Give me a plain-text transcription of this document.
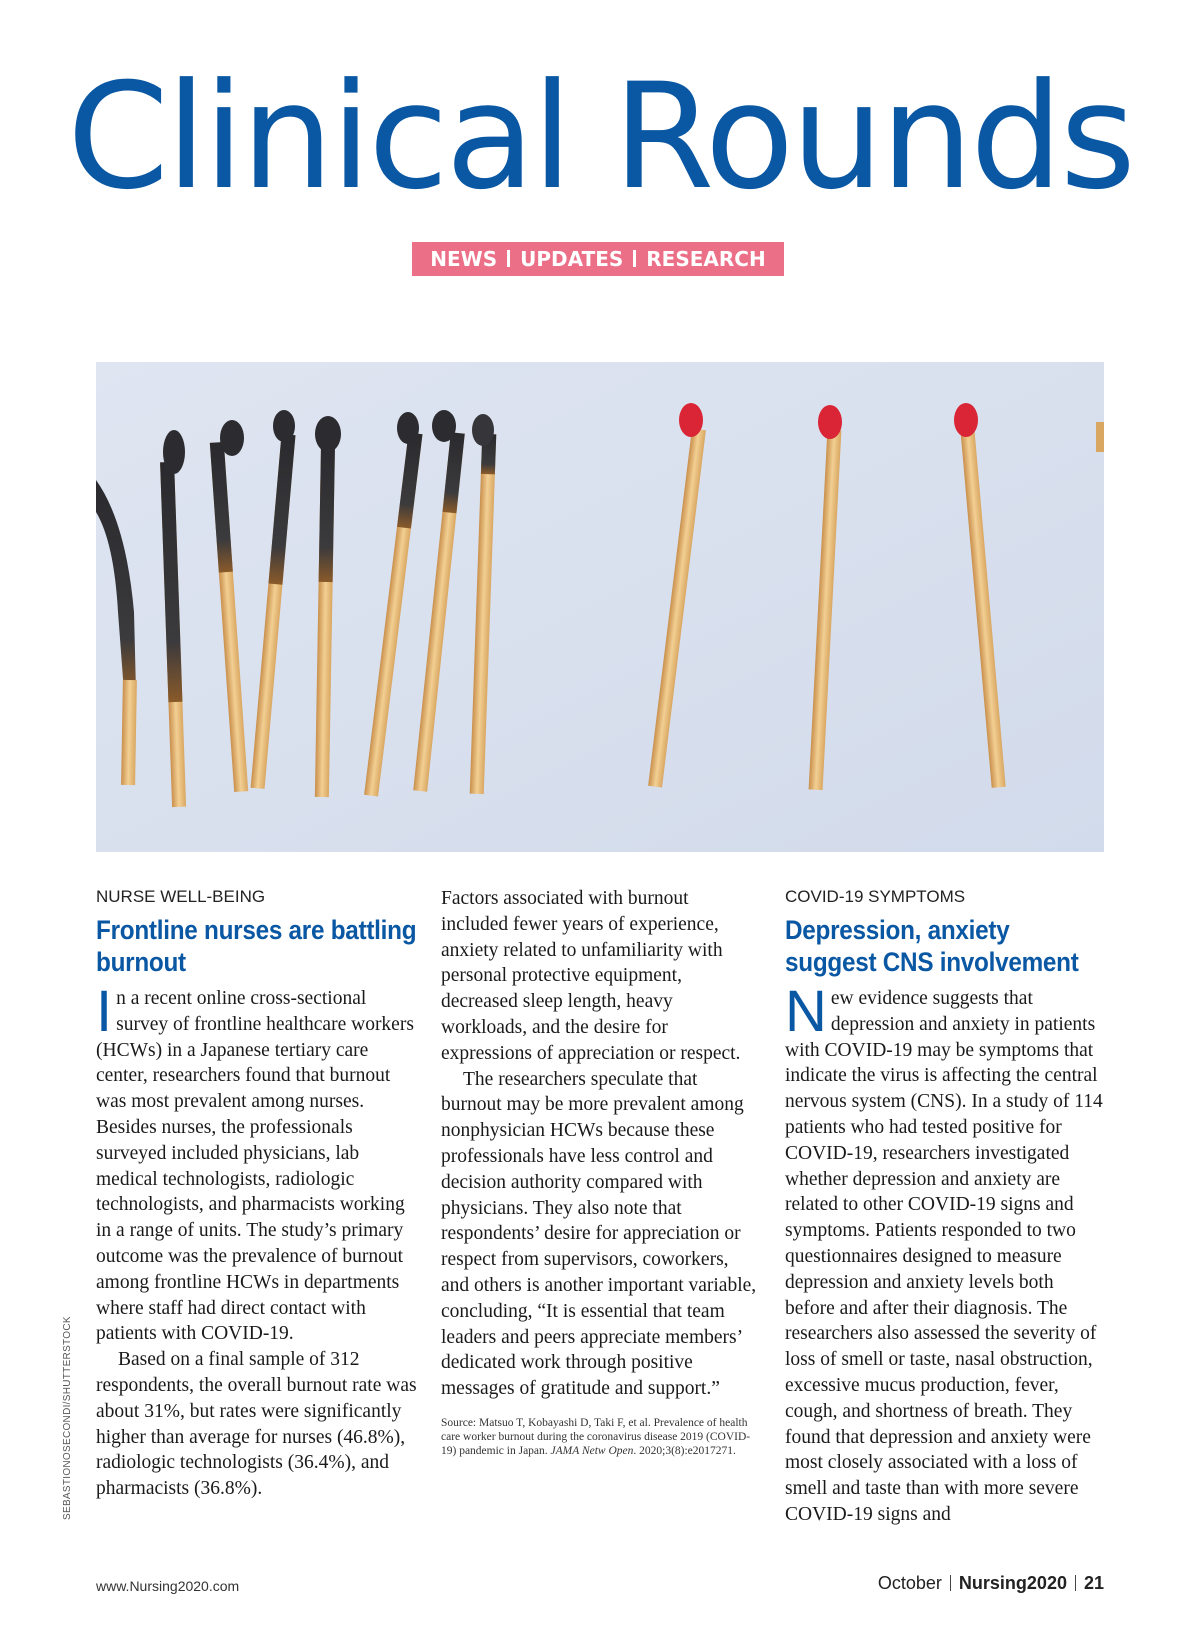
Clinical Rounds
NEWS UPDATES RESEARCH
SEBASTIONOSECONDI/SHUTTERSTOCK
NURSE WELL-BEING
Frontline nurses are battling burnout

In a recent online cross-sectional survey of frontline healthcare workers (HCWs) in a Japanese tertiary care center, researchers found that burnout was most prevalent among nurses. Besides nurses, the professionals surveyed included physicians, lab medical technologists, radiologic technologists, and pharmacists working in a range of units. The study’s primary outcome was the prevalence of burnout among frontline HCWs in departments where staff had direct contact with patients with COVID-19.

Based on a final sample of 312 respondents, the overall burnout rate was about 31%, but rates were significantly higher than average for nurses (46.8%), radiologic technologists (36.4%), and pharmacists (36.8%).

Factors associated with burnout included fewer years of experience, anxiety related to unfamiliarity with personal protective equipment, decreased sleep length, heavy workloads, and the desire for expressions of appreciation or respect.

The researchers speculate that burnout may be more prevalent among nonphysician HCWs because these professionals have less control and decision authority compared with physicians. They also note that respondents’ desire for appreciation or respect from supervisors, coworkers, and others is another important variable, concluding, “It is essential that team leaders and peers appreciate members’ dedicated work through positive messages of gratitude and support.”

Source: Matsuo T, Kobayashi D, Taki F, et al. Prevalence of health care worker burnout during the coronavirus disease 2019 (COVID-19) pandemic in Japan. JAMA Netw Open. 2020;3(8):e2017271.
COVID-19 SYMPTOMS
Depression, anxiety suggest CNS involvement

New evidence suggests that depression and anxiety in patients with COVID-19 may be symptoms that indicate the virus is affecting the central nervous system (CNS). In a study of 114 patients who had tested positive for COVID-19, researchers investigated whether depression and anxiety are related to other COVID-19 signs and symptoms. Patients responded to two questionnaires designed to measure depression and anxiety levels both before and after their diagnosis. The researchers also assessed the severity of loss of smell or taste, nasal obstruction, excessive mucus production, fever, cough, and shortness of breath. They found that depression and anxiety were most closely associated with a loss of smell and taste than with more severe COVID-19 signs and

www.Nursing2020.com	October Nursing2020 21
